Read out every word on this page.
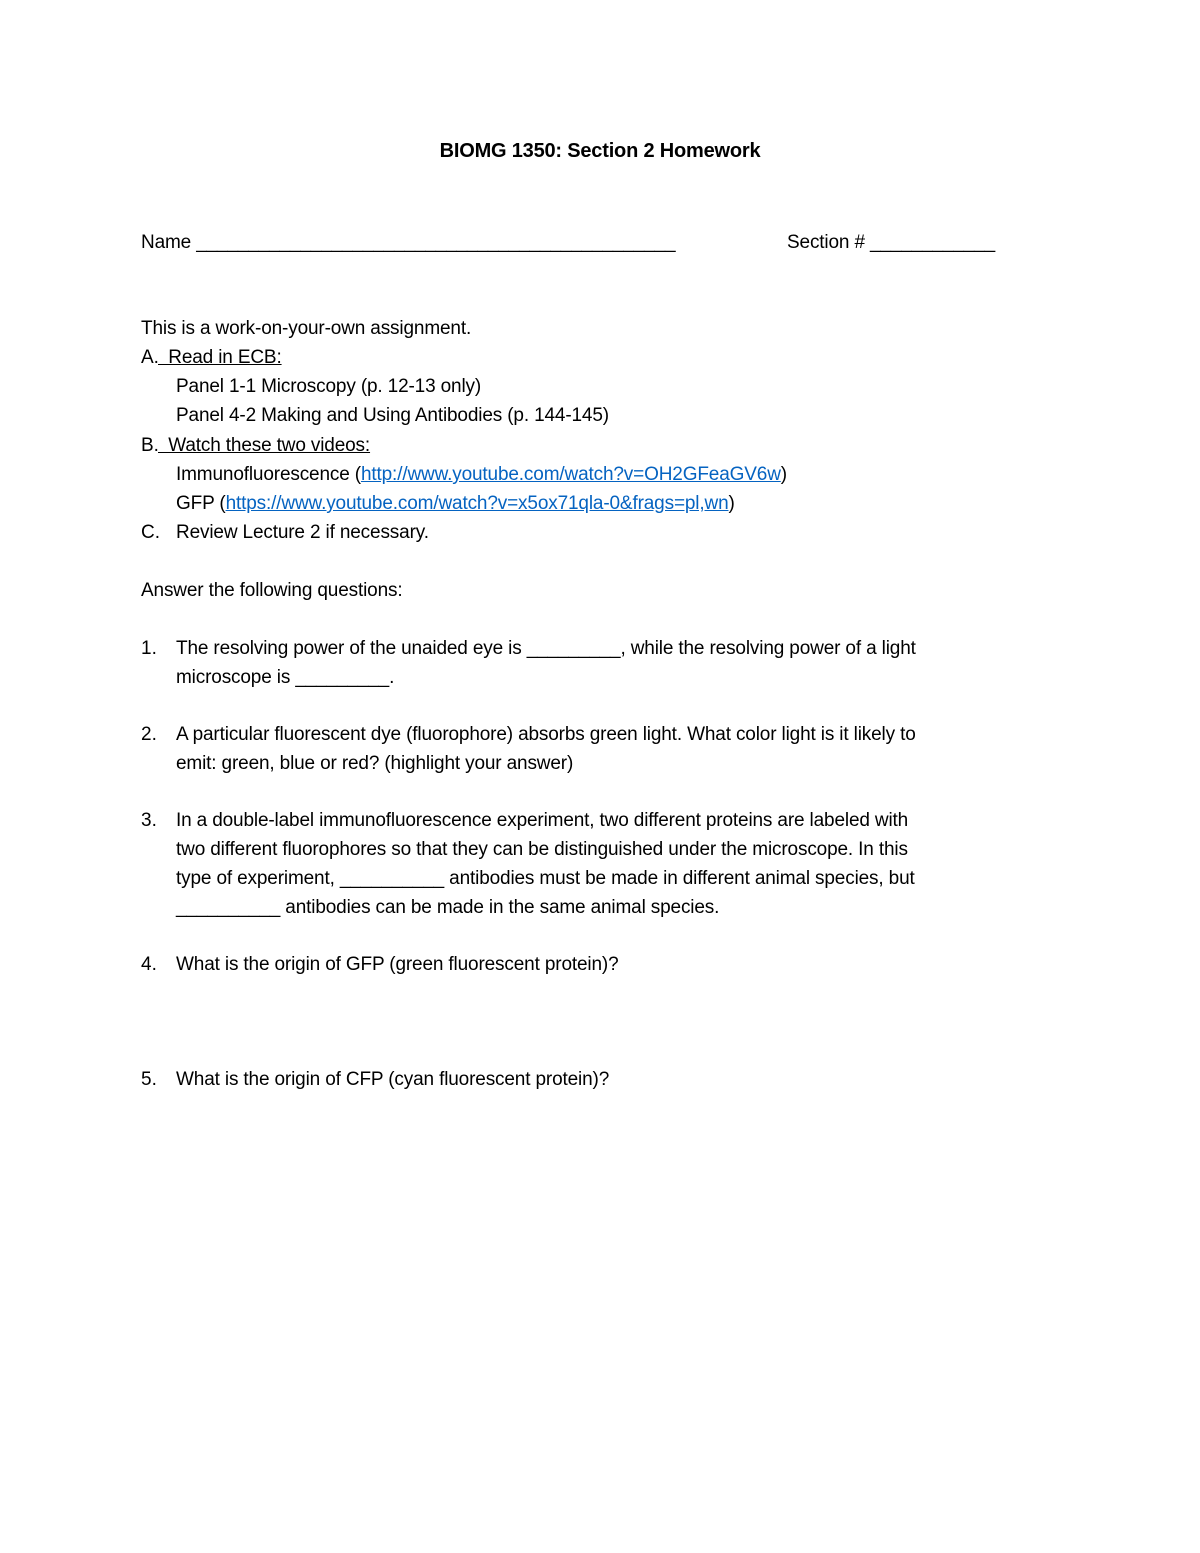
BIOMG 1350: Section 2 Homework
Name ______________________________________________	Section # ____________
This is a work-on-your-own assignment.
A. Read in ECB:
Panel 1-1 Microscopy (p. 12-13 only)
Panel 4-2 Making and Using Antibodies (p. 144-145)
B. Watch these two videos:
Immunofluorescence (http://www.youtube.com/watch?v=OH2GFeaGV6w)
GFP (https://www.youtube.com/watch?v=x5ox71qla-0&frags=pl,wn)
C. Review Lecture 2 if necessary.
Answer the following questions:
1. The resolving power of the unaided eye is _________, while the resolving power of a light
microscope is _________.
2. A particular fluorescent dye (fluorophore) absorbs green light. What color light is it likely to
emit: green, blue or red? (highlight your answer)
3. In a double-label immunofluorescence experiment, two different proteins are labeled with
two different fluorophores so that they can be distinguished under the microscope. In this
type of experiment, __________ antibodies must be made in different animal species, but
__________ antibodies can be made in the same animal species.
4. What is the origin of GFP (green fluorescent protein)?
5. What is the origin of CFP (cyan fluorescent protein)?
